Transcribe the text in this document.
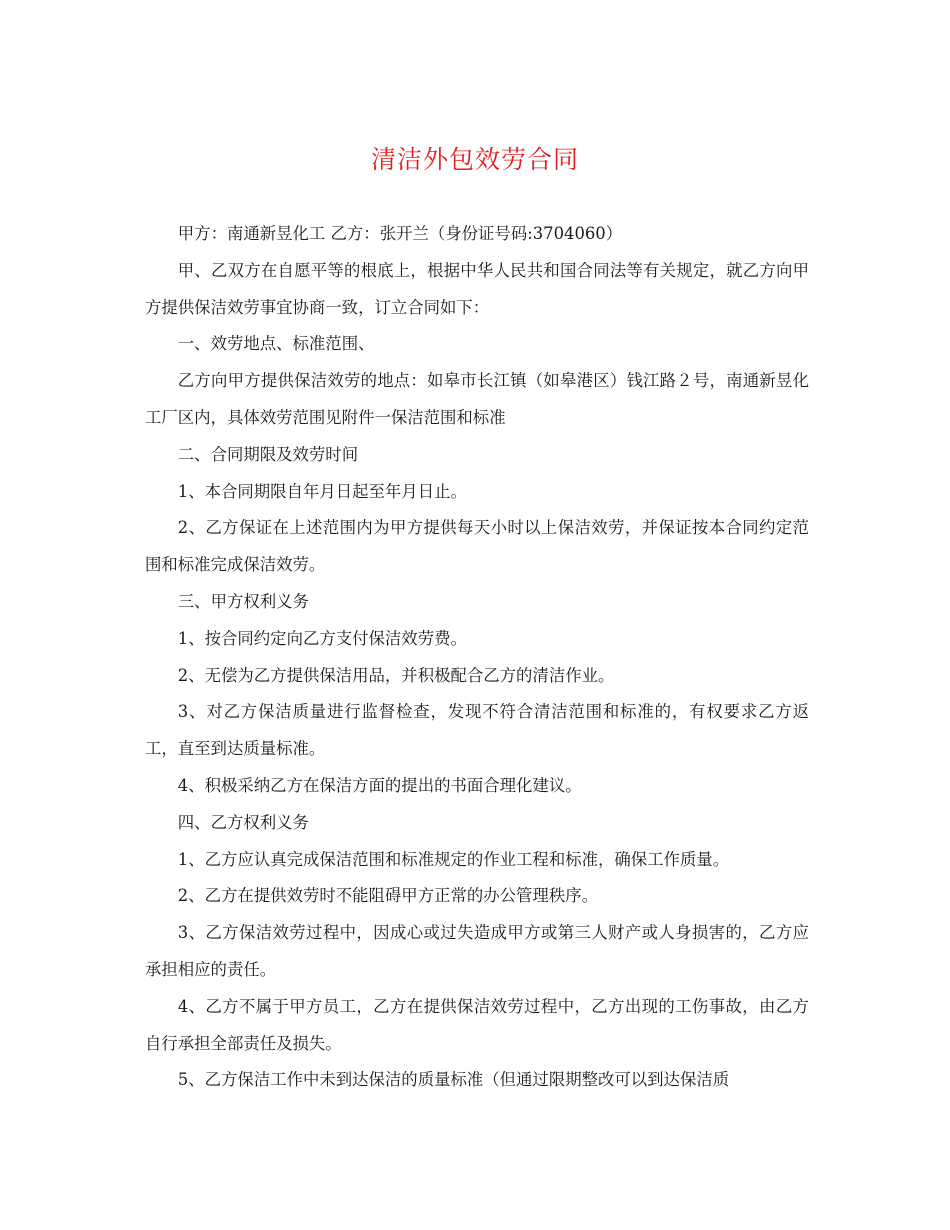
清洁外包效劳合同

甲方：南通新昱化工 乙方：张开兰（身份证号码:3704060）

甲、乙双方在自愿平等的根底上，根据中华人民共和国合同法等有关规定，就乙方向甲方提供保洁效劳事宜协商一致，订立合同如下：

一、效劳地点、标准范围、

乙方向甲方提供保洁效劳的地点：如皋市长江镇（如皋港区）钱江路２号，南通新昱化工厂区内，具体效劳范围见附件一保洁范围和标准

二、合同期限及效劳时间

1、本合同期限自年月日起至年月日止。

2、乙方保证在上述范围内为甲方提供每天小时以上保洁效劳，并保证按本合同约定范围和标准完成保洁效劳。

三、甲方权利义务

1、按合同约定向乙方支付保洁效劳费。

2、无偿为乙方提供保洁用品，并积极配合乙方的清洁作业。

3、对乙方保洁质量进行监督检查，发现不符合清洁范围和标准的，有权要求乙方返工，直至到达质量标准。

4、积极采纳乙方在保洁方面的提出的书面合理化建议。

四、乙方权利义务

1、乙方应认真完成保洁范围和标准规定的作业工程和标准，确保工作质量。

2、乙方在提供效劳时不能阻碍甲方正常的办公管理秩序。

3、乙方保洁效劳过程中，因成心或过失造成甲方或第三人财产或人身损害的，乙方应承担相应的责任。

4、乙方不属于甲方员工，乙方在提供保洁效劳过程中，乙方出现的工伤事故，由乙方自行承担全部责任及损失。

5、乙方保洁工作中未到达保洁的质量标准（但通过限期整改可以到达保洁质
